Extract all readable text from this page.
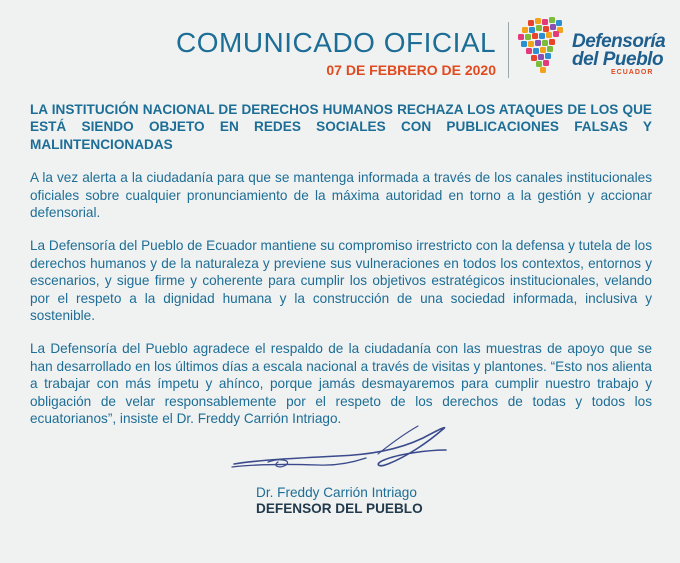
COMUNICADO OFICIAL
07 DE FEBRERO DE 2020
Defensoría
del Pueblo
ECUADOR

LA INSTITUCIÓN NACIONAL DE DERECHOS HUMANOS RECHAZA LOS ATAQUES DE LOS QUE ESTÁ SIENDO OBJETO EN REDES SOCIALES CON PUBLICACIONES FALSAS Y MALINTENCIONADAS

A la vez alerta a la ciudadanía para que se mantenga informada a través de los canales institucionales oficiales sobre cualquier pronunciamiento de la máxima autoridad en torno a la gestión y accionar defensorial.

La Defensoría del Pueblo de Ecuador mantiene su compromiso irrestricto con la defensa y tutela de los derechos humanos y de la naturaleza y previene sus vulneraciones en todos los contextos, entornos y escenarios, y sigue firme y coherente para cumplir los objetivos estratégicos institucionales, velando por el respeto a la dignidad humana y la construcción de una sociedad informada, inclusiva y sostenible.

La Defensoría del Pueblo agradece el respaldo de la ciudadanía con las muestras de apoyo que se han desarrollado en los últimos días a escala nacional a través de visitas y plantones. “Esto nos alienta a trabajar con más ímpetu y ahínco, porque jamás desmayaremos para cumplir nuestro trabajo y obligación de velar responsablemente por el respeto de los derechos de todas y todos los ecuatorianos”, insiste el Dr. Freddy Carrión Intriago.

Dr. Freddy Carrión Intriago
DEFENSOR DEL PUEBLO
